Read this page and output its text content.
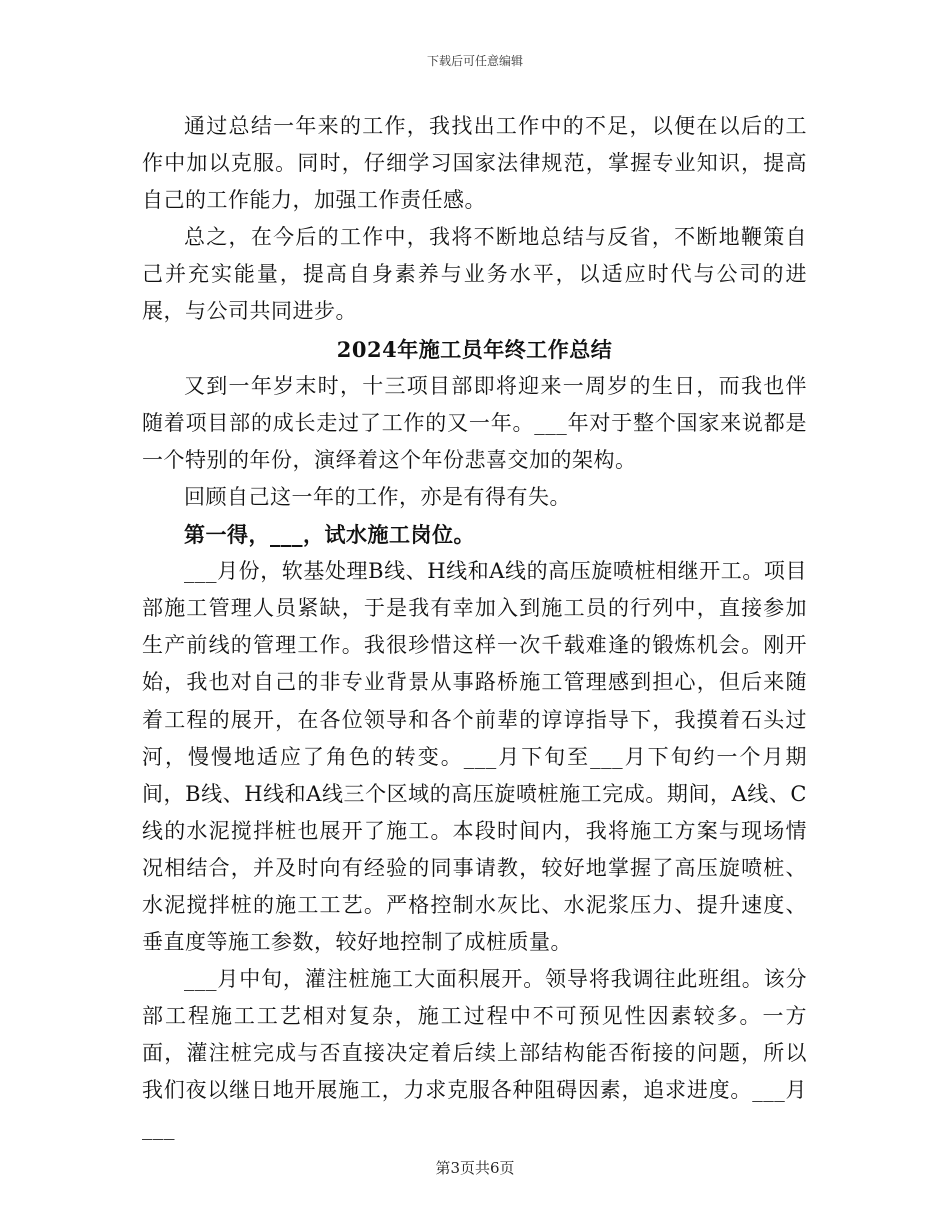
下载后可任意编辑

通过总结一年来的工作，我找出工作中的不足，以便在以后的工作中加以克服。同时，仔细学习国家法律规范，掌握专业知识，提高自己的工作能力，加强工作责任感。

总之，在今后的工作中，我将不断地总结与反省，不断地鞭策自己并充实能量，提高自身素养与业务水平，以适应时代与公司的进展，与公司共同进步。

2024年施工员年终工作总结

又到一年岁末时，十三项目部即将迎来一周岁的生日，而我也伴随着项目部的成长走过了工作的又一年。___年对于整个国家来说都是一个特别的年份，演绎着这个年份悲喜交加的架构。

回顾自己这一年的工作，亦是有得有失。

第一得，___，试水施工岗位。

___月份，软基处理B线、H线和A线的高压旋喷桩相继开工。项目部施工管理人员紧缺，于是我有幸加入到施工员的行列中，直接参加生产前线的管理工作。我很珍惜这样一次千载难逢的锻炼机会。刚开始，我也对自己的非专业背景从事路桥施工管理感到担心，但后来随着工程的展开，在各位领导和各个前辈的谆谆指导下，我摸着石头过河，慢慢地适应了角色的转变。___月下旬至___月下旬约一个月期间，B线、H线和A线三个区域的高压旋喷桩施工完成。期间，A线、C线的水泥搅拌桩也展开了施工。本段时间内，我将施工方案与现场情况相结合，并及时向有经验的同事请教，较好地掌握了高压旋喷桩、水泥搅拌桩的施工工艺。严格控制水灰比、水泥浆压力、提升速度、垂直度等施工参数，较好地控制了成桩质量。

___月中旬，灌注桩施工大面积展开。领导将我调往此班组。该分部工程施工工艺相对复杂，施工过程中不可预见性因素较多。一方面，灌注桩完成与否直接决定着后续上部结构能否衔接的问题，所以我们夜以继日地开展施工，力求克服各种阻碍因素，追求进度。___月___

第3页共6页
